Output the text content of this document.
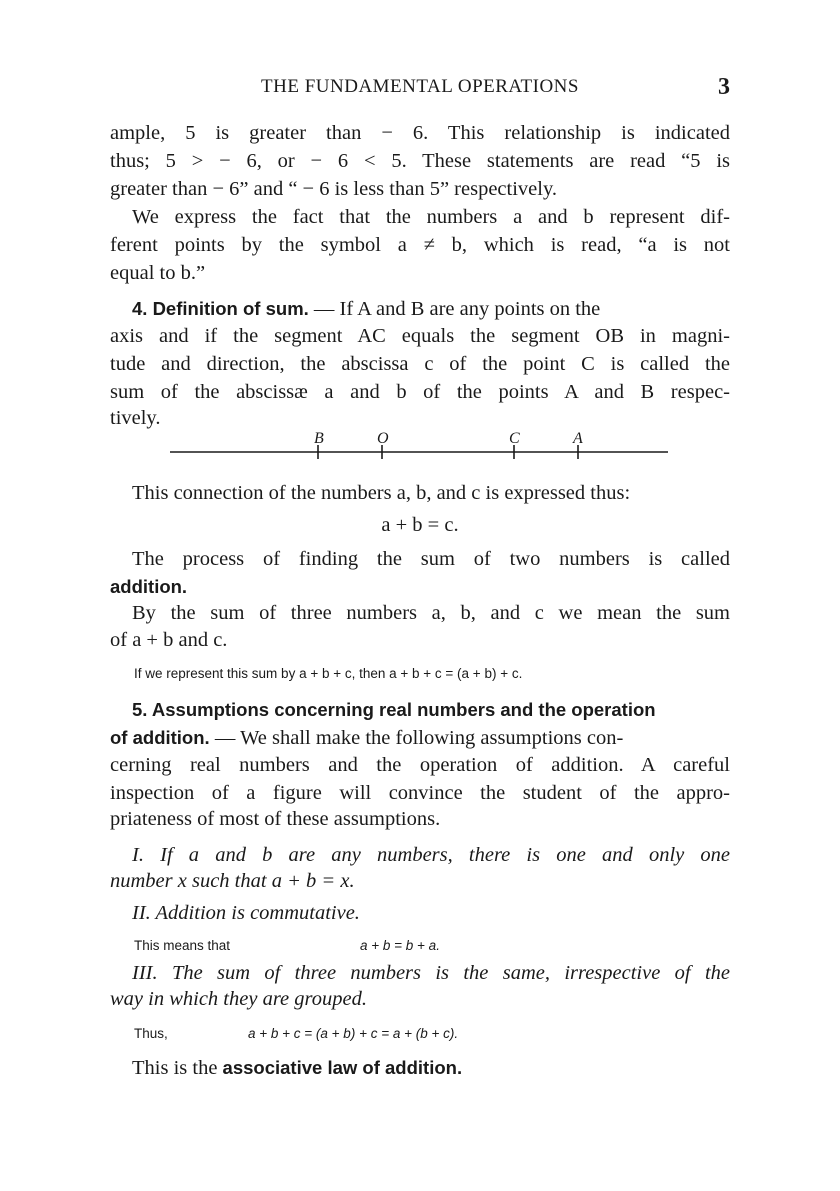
THE FUNDAMENTAL OPERATIONS	3
ample, 5 is greater than − 6. This relationship is indicated
thus; 5 > − 6, or − 6 < 5. These statements are read “5 is
greater than − 6” and “ − 6 is less than 5” respectively.
We express the fact that the numbers a and b represent dif-
ferent points by the symbol a ≠ b, which is read, “a is not
equal to b.”
4. Definition of sum. — If A and B are any points on the
axis and if the segment AC equals the segment OB in magni-
tude and direction, the abscissa c of the point C is called the
sum of the abscissæ a and b of the points A and B respec-
tively.
B	O	C	A
This connection of the numbers a, b, and c is expressed thus:
a + b = c.
The process of finding the sum of two numbers is called
addition.
By the sum of three numbers a, b, and c we mean the sum
of a + b and c.
If we represent this sum by a + b + c, then a + b + c = (a + b) + c.
5. Assumptions concerning real numbers and the operation
of addition. — We shall make the following assumptions con-
cerning real numbers and the operation of addition. A careful
inspection of a figure will convince the student of the appro-
priateness of most of these assumptions.
I. If a and b are any numbers, there is one and only one
number x such that a + b = x.
II. Addition is commutative.
This means that	a + b = b + a.
III. The sum of three numbers is the same, irrespective of the
way in which they are grouped.
Thus,	a + b + c = (a + b) + c = a + (b + c).
This is the associative law of addition.
